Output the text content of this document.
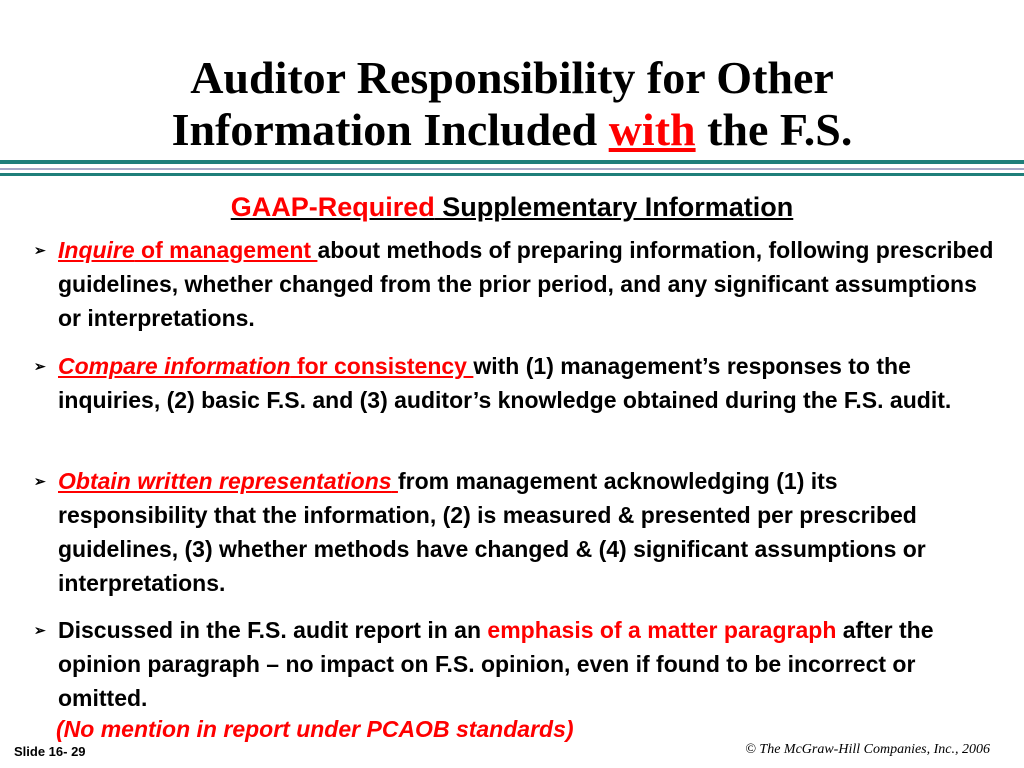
Auditor Responsibility for Other
Information Included with the F.S.
GAAP-Required Supplementary Information
➢ Inquire of management about methods of preparing information, following prescribed guidelines, whether changed from the prior period, and any significant assumptions or interpretations.
➢ Compare information for consistency with (1) management’s responses to the inquiries, (2) basic F.S. and (3) auditor’s knowledge obtained during the F.S. audit.
➢ Obtain written representations from management acknowledging (1) its responsibility that the information, (2) is measured & presented per prescribed guidelines, (3) whether methods have changed & (4) significant assumptions or interpretations.
➢ Discussed in the F.S. audit report in an emphasis of a matter paragraph after the opinion paragraph – no impact on F.S. opinion, even if found to be incorrect or omitted.
(No mention in report under PCAOB standards)
Slide 16- 29	© The McGraw-Hill Companies, Inc., 2006
